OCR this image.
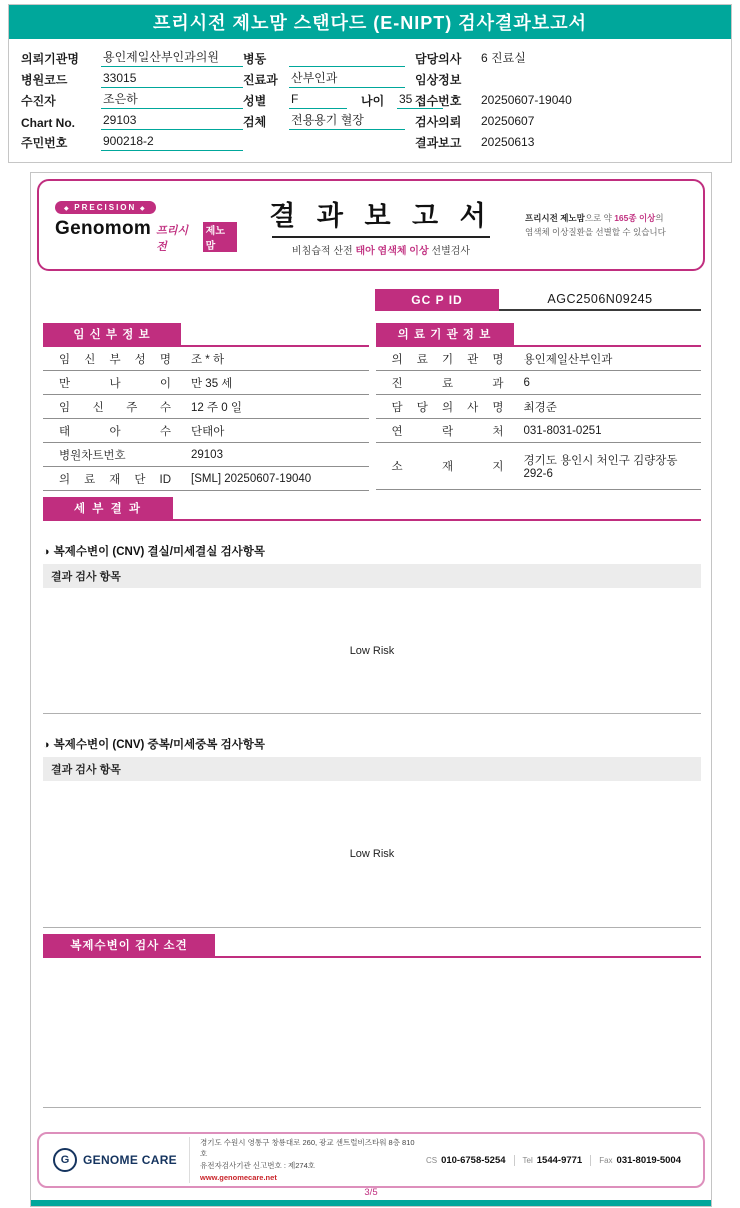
프리시전 제노맘 스탠다드 (E-NIPT) 검사결과보고서
의뢰기관명	용인제일산부인과의원
병원코드	33015
수진자	조은하
Chart No.	29103
주민번호	900218-2
병동
진료과	산부인과
성별	F	나이	35
검체	전용용기 혈장
담당의사	6 진료실
임상정보
접수번호	20250607-19040
검사의뢰	20250607
결과보고	20250613
◆ PRECISION ◆
Genomom 프리시전
제노맘
결 과 보 고 서
비침습적 산전 태아 염색체 이상 선별검사
프리시전 제노맘으로 약 165종 이상의
염색체 이상질환을 선별할 수 있습니다
GC P ID	AGC2506N09245
임 신 부 정 보
임 신 부 성 명	조 * 하
만 나 이	만 35 세
임 신 주 수	12 주 0 일
태 아 수	단태아
병원차트번호	29103
의 료 재 단 ID	[SML] 20250607-19040
의 료 기 관 정 보
의 료 기 관 명	용인제일산부인과
진 료 과	6
담 당 의 사 명	최경준
연 락 처	031-8031-0251
소 재 지	경기도 용인시 처인구 김량장동 292-6
세 부 결 과
◑ 복제수변이 (CNV) 결실/미세결실 검사항목
결과 검사 항목
Low Risk
◑ 복제수변이 (CNV) 중복/미세중복 검사항목
결과 검사 항목
Low Risk
복제수변이 검사 소견
G	GENOME CARE
경기도 수원시 영통구 창룡대로 260, 광교 센트럴비즈타워 8층 810호
유전자검사기관 신고번호 : 제274호
www.genomecare.net
CS 010-6758-5254 Tel 1544-9771 Fax 031-8019-5004
3/5
